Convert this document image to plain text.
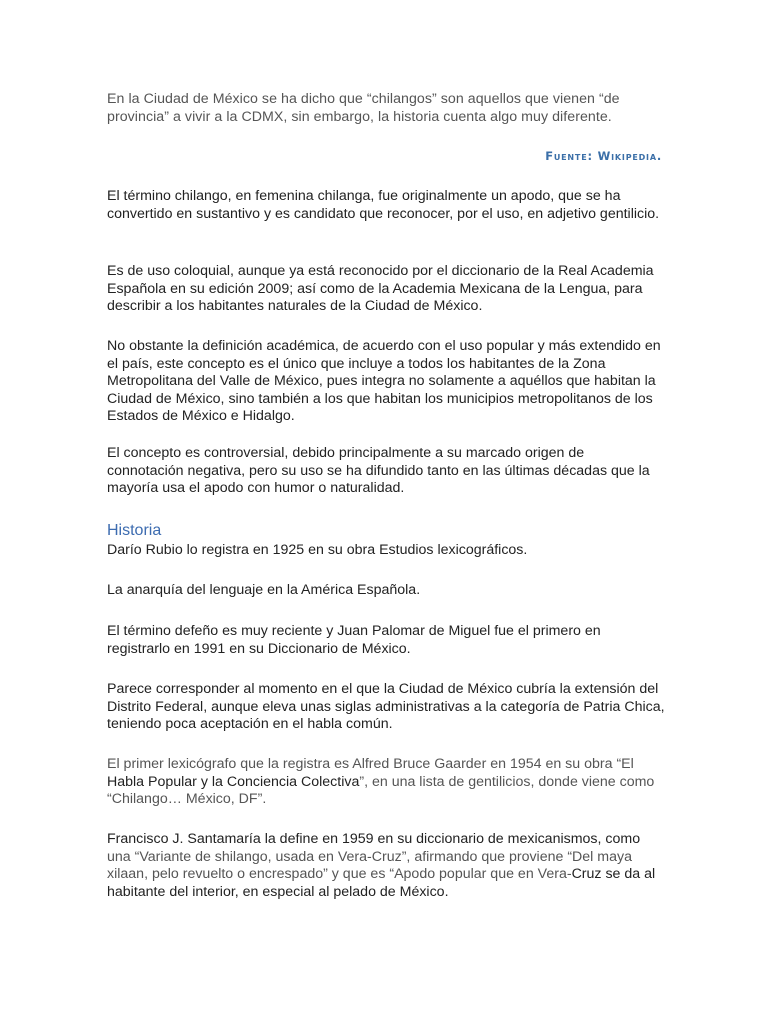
En la Ciudad de México se ha dicho que “chilangos” son aquellos que vienen “de provincia” a vivir a la CDMX, sin embargo, la historia cuenta algo muy diferente.

Fuente: Wikipedia.

El término chilango, en femenina chilanga, fue originalmente un apodo, que se ha convertido en sustantivo y es candidato que reconocer, por el uso, en adjetivo gentilicio.

Es de uso coloquial, aunque ya está reconocido por el diccionario de la Real Academia Española en su edición 2009; así como de la Academia Mexicana de la Lengua, para describir a los habitantes naturales de la Ciudad de México.

No obstante la definición académica, de acuerdo con el uso popular y más extendido en el país, este concepto es el único que incluye a todos los habitantes de la Zona Metropolitana del Valle de México, pues integra no solamente a aquéllos que habitan la Ciudad de México, sino también a los que habitan los municipios metropolitanos de los Estados de México e Hidalgo.

El concepto es controversial, debido principalmente a su marcado origen de connotación negativa, pero su uso se ha difundido tanto en las últimas décadas que la mayoría usa el apodo con humor o naturalidad.

Historia

Darío Rubio lo registra en 1925 en su obra Estudios lexicográficos.

La anarquía del lenguaje en la América Española.

El término defeño es muy reciente y Juan Palomar de Miguel fue el primero en registrarlo en 1991 en su Diccionario de México.

Parece corresponder al momento en el que la Ciudad de México cubría la extensión del Distrito Federal, aunque eleva unas siglas administrativas a la categoría de Patria Chica, teniendo poca aceptación en el habla común.

El primer lexicógrafo que la registra es Alfred Bruce Gaarder en 1954 en su obra “El Habla Popular y la Conciencia Colectiva”, en una lista de gentilicios, donde viene como “Chilango… México, DF”.

Francisco J. Santamaría la define en 1959 en su diccionario de mexicanismos, como una “Variante de shilango, usada en Vera-Cruz”, afirmando que proviene “Del maya xilaan, pelo revuelto o encrespado” y que es “Apodo popular que en Vera-Cruz se da al habitante del interior, en especial al pelado de México.
